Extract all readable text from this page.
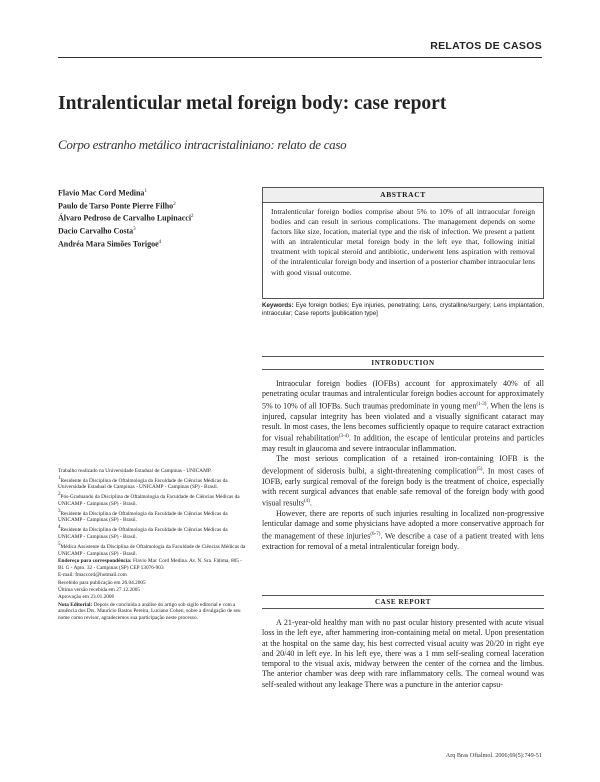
RELATOS DE CASOS
Intralenticular metal foreign body: case report
Corpo estranho metálico intracristaliniano: relato de caso
Flavio Mac Cord Medina$^1$
Paulo de Tarso Ponte Pierre Filho$^2$
Álvaro Pedroso de Carvalho Lupinacci$^2$
Dacio Carvalho Costa$^3$
Andréa Mara Simões Torigoe$^4$
ABSTRACT
Intralenticular foreign bodies comprise about 5% to 10% of all intraocular foreign bodies and can result in serious complications. The management depends on some factors like size, location, material type and the risk of infection. We present a patient with an intralenticular metal foreign body in the left eye that, following initial treatment with topical steroid and antibiotic, underwent lens aspiration with removal of the intralenticular foreign body and insertion of a posterior chamber intraocular lens with good visual outcome.
Keywords: Eye foreign bodies; Eye injuries, penetrating; Lens, crystalline/surgery; Lens implantation, intraocular; Case reports [publication type]
INTRODUCTION

Intraocular foreign bodies (IOFBs) account for approximately 40% of all penetrating ocular traumas and intralenticular foreign bodies account for approximately 5% to 10% of all IOFBs. Such traumas predominate in young men$^{(1-3)}$. When the lens is injured, capsular integrity has been violated and a visually significant cataract may result. In most cases, the lens becomes sufficiently opaque to require cataract extraction for visual rehabilitation$^{(3-4)}$. In addition, the escape of lenticular proteins and particles may result in glaucoma and severe intraocular inflammation.

The most serious complication of a retained iron-containing IOFB is the development of siderosis bulbi, a sight-threatening complication$^{(5)}$. In most cases of IOFB, early surgical removal of the foreign body is the treatment of choice, especially with recent surgical advances that enable safe removal of the foreign body with good visual results$^{(4)}$.

However, there are reports of such injuries resulting in localized non-progressive lenticular damage and some physicians have adopted a more conservative approach for the management of these injuries$^{(6-7)}$. We describe a case of a patient treated with lens extraction for removal of a metal intralenticular foreign body.

CASE REPORT

A 21-year-old healthy man with no past ocular history presented with acute visual loss in the left eye, after hammering iron-containing metal on metal. Upon presentation at the hospital on the same day, his best corrected visual acuity was 20/20 in right eye and 20/40 in left eye. In his left eye, there was a 1 mm self-sealing corneal laceration temporal to the visual axis, midway between the center of the cornea and the limbus. The anterior chamber was deep with rare inflammatory cells. The corneal wound was self-sealed without any leakage There was a puncture in the anterior capsu-

Trabalho realizado na Universidade Estadual de Campinas - UNICAMP.

$^1$Residente da Disciplina de Oftalmologia da Faculdade de Ciências Médicas da Universidade Estadual de Campinas - UNICAMP - Campinas (SP) - Brasil.

$^2$Pós-Graduando da Disciplina de Oftalmologia da Faculdade de Ciências Médicas da UNICAMP - Campinas (SP) - Brasil.

$^3$Residente da Disciplina de Oftalmologia da Faculdade de Ciências Médicas da UNICAMP - Campinas (SP) - Brasil.

$^4$Residente da Disciplina de Oftalmologia da Faculdade de Ciências Médicas da UNICAMP - Campinas (SP) - Brasil.

$^5$Médica Assistente da Disciplina de Oftalmologia da Faculdade de Ciências Médicas da UNICAMP - Campinas (SP) - Brasil.

Endereço para correspondência: Flavio Mac Cord Medina. Av. N. Sra. Fátima, 805 - Bl. G - Apto. 32 - Campinas (SP) CEP 13076-903
E-mail: fmaccord@hotmail.com

Recebido para publicação em 26.04.2005
Última versão recebida em 27.12.2005
Aprovação em 23.01.2006

Nota Editorial: Depois de concluída a análise do artigo sob sigilo editorial e com a anuência dos Drs. Maurício Bastos Pereira, Luciano Cohen, sobre a divulgação de seu nome como revisor, agradecemos sua participação neste processo.

Arq Bras Oftalmol. 2006;69(5):749-51
